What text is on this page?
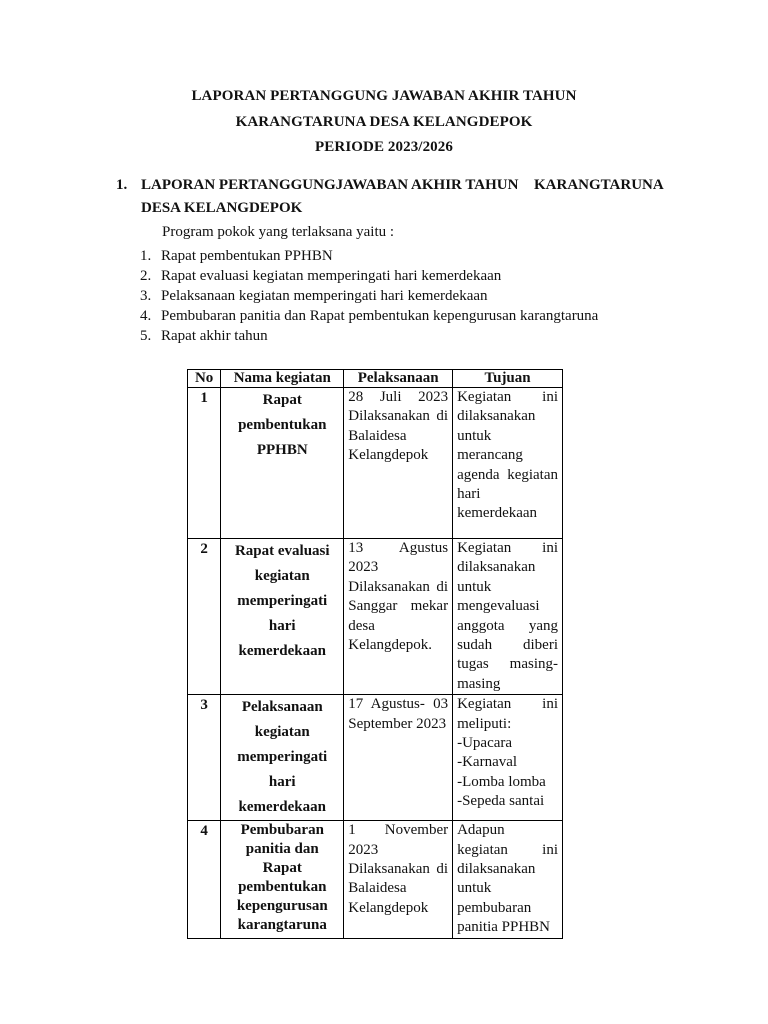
LAPORAN PERTANGGUNG JAWABAN AKHIR TAHUN
KARANGTARUNA DESA KELANGDEPOK
PERIODE 2023/2026
1. LAPORAN PERTANGGUNGJAWABAN AKHIR TAHUN KARANGTARUNA
DESA KELANGDEPOK
Program pokok yang terlaksana yaitu :
1. Rapat pembentukan PPHBN
2. Rapat evaluasi kegiatan memperingati hari kemerdekaan
3. Pelaksanaan kegiatan memperingati hari kemerdekaan
4. Pembubaran panitia dan Rapat pembentukan kepengurusan karangtaruna
5. Rapat akhir tahun
No	Nama kegiatan	Pelaksanaan	Tujuan
1	Rapat pembentukan PPHBN	28 Juli 2023 Dilaksanakan di Balaidesa Kelangdepok	Kegiatan ini dilaksanakan untuk merancang agenda kegiatan hari kemerdekaan
2	Rapat evaluasi kegiatan memperingati hari kemerdekaan	13 Agustus 2023 Dilaksanakan di Sanggar mekar desa Kelangdepok.	Kegiatan ini dilaksanakan untuk mengevaluasi anggota yang sudah diberi tugas masing-masing
3	Pelaksanaan kegiatan memperingati hari kemerdekaan	17 Agustus- 03 September 2023	Kegiatan ini meliputi:
-Upacara
-Karnaval
-Lomba lomba
-Sepeda santai

4	Pembubaran panitia dan Rapat pembentukan kepengurusan karangtaruna	1 November 2023 Dilaksanakan di Balaidesa Kelangdepok	Adapun kegiatan ini dilaksanakan untuk pembubaran panitia PPHBN
